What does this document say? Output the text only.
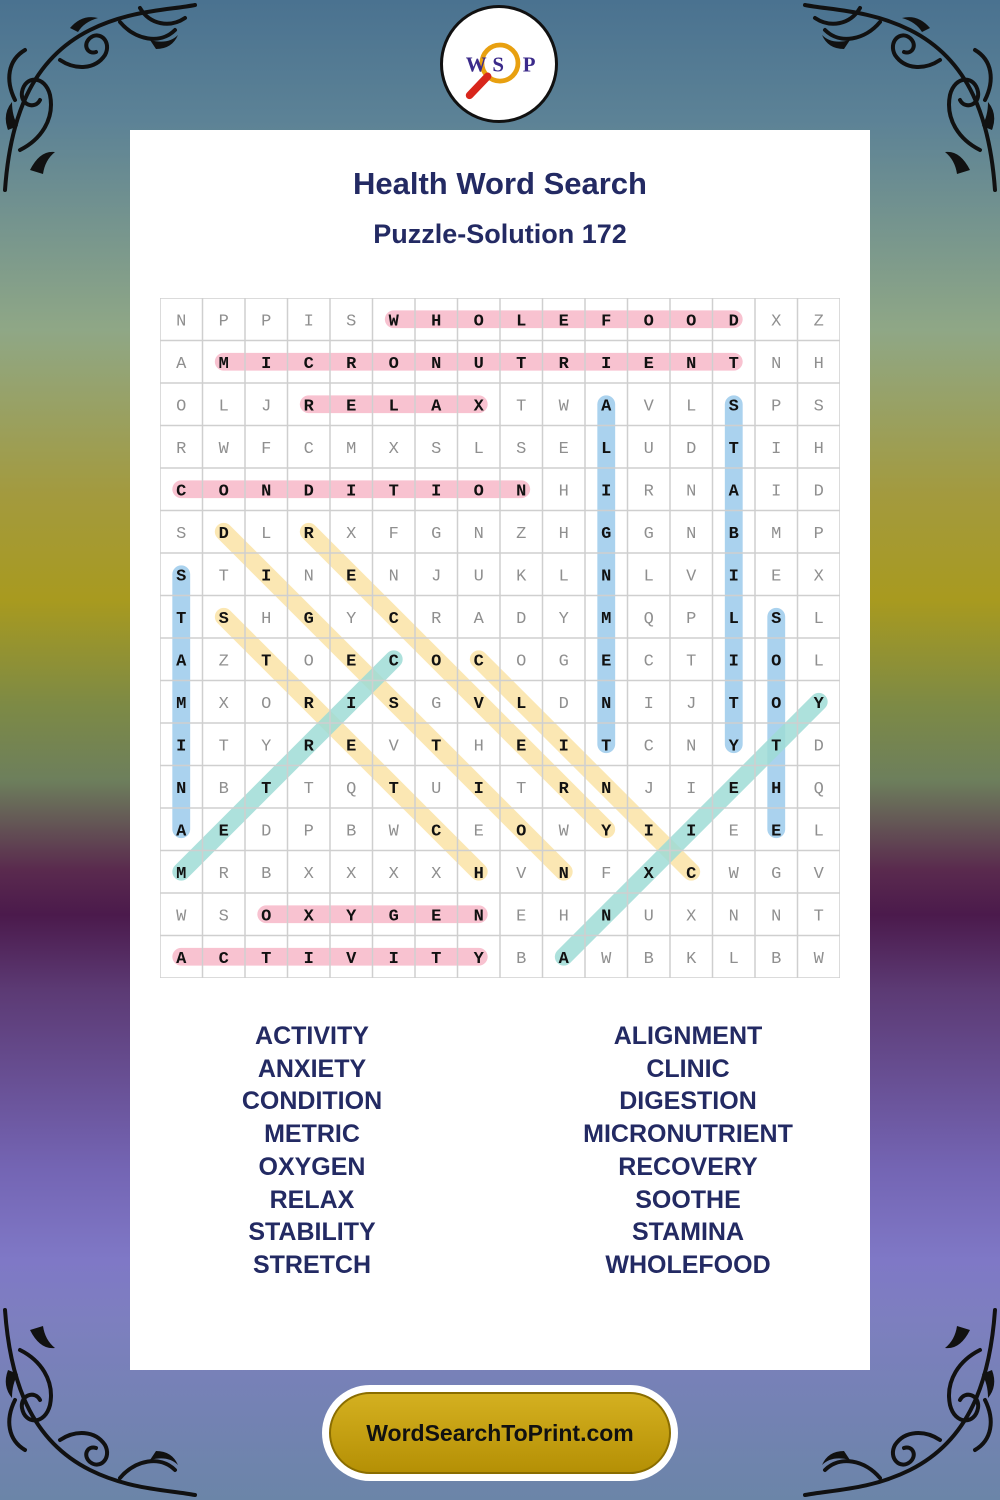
W S P
Health Word Search
Puzzle-Solution 172
N P P I S W H O L E F O O D X Z
A M I C R O N U T R I E N T N H
O L J R E L A X T W A V L S P S
R W F C M X S L S E L U D T I H
C O N D I T I O N H I R N A I D
S D L R X F G N Z H G G N B M P
S T I N E N J U K L N L V I E X
T S H G Y C R A D Y M Q P L S L
A Z T O E C O C O G E C T I O L
M X O R I S G V L D N I J T O Y
I T Y R E V T H E I T C N Y T D
N B T T Q T U I T R N J I E H Q
A E D P B W C E O W Y I I E E L
M R B X X X X H V N F X C W G V
W S O X Y G E N E H N U X N N T
A C T I V I T Y B A W B K L B W
ACTIVITY
ANXIETY
CONDITION
METRIC
OXYGEN
RELAX
STABILITY
STRETCH
ALIGNMENT
CLINIC
DIGESTION
MICRONUTRIENT
RECOVERY
SOOTHE
STAMINA
WHOLEFOOD
WordSearchToPrint.com
